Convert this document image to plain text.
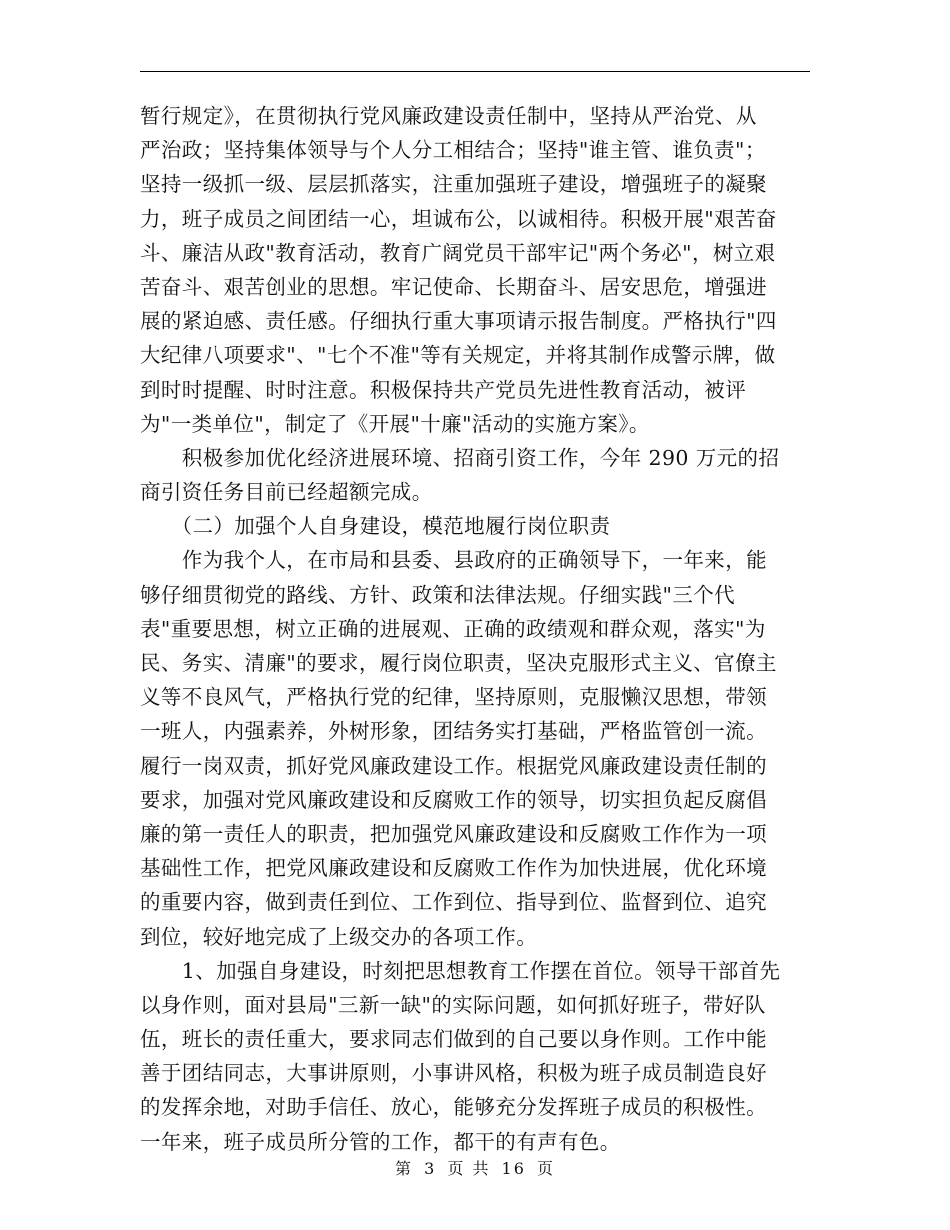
暂行规定》，在贯彻执行党风廉政建设责任制中，坚持从严治党、从
严治政；坚持集体领导与个人分工相结合；坚持"谁主管、谁负责"；
坚持一级抓一级、层层抓落实，注重加强班子建设，增强班子的凝聚
力，班子成员之间团结一心，坦诚布公，以诚相待。积极开展"艰苦奋
斗、廉洁从政"教育活动，教育广阔党员干部牢记"两个务必"，树立艰
苦奋斗、艰苦创业的思想。牢记使命、长期奋斗、居安思危，增强进
展的紧迫感、责任感。仔细执行重大事项请示报告制度。严格执行"四
大纪律八项要求"、"七个不准"等有关规定，并将其制作成警示牌，做
到时时提醒、时时注意。积极保持共产党员先进性教育活动，被评
为"一类单位"，制定了《开展"十廉"活动的实施方案》。
　　积极参加优化经济进展环境、招商引资工作，今年 290 万元的招
商引资任务目前已经超额完成。
　　（二）加强个人自身建设，模范地履行岗位职责
　　作为我个人，在市局和县委、县政府的正确领导下，一年来，能
够仔细贯彻党的路线、方针、政策和法律法规。仔细实践"三个代
表"重要思想，树立正确的进展观、正确的政绩观和群众观，落实"为
民、务实、清廉"的要求，履行岗位职责，坚决克服形式主义、官僚主
义等不良风气，严格执行党的纪律，坚持原则，克服懒汉思想，带领
一班人，内强素养，外树形象，团结务实打基础，严格监管创一流。
履行一岗双责，抓好党风廉政建设工作。根据党风廉政建设责任制的
要求，加强对党风廉政建设和反腐败工作的领导，切实担负起反腐倡
廉的第一责任人的职责，把加强党风廉政建设和反腐败工作作为一项
基础性工作，把党风廉政建设和反腐败工作作为加快进展，优化环境
的重要内容，做到责任到位、工作到位、指导到位、监督到位、追究
到位，较好地完成了上级交办的各项工作。
　　1、加强自身建设，时刻把思想教育工作摆在首位。领导干部首先
以身作则，面对县局"三新一缺"的实际问题，如何抓好班子，带好队
伍，班长的责任重大，要求同志们做到的自己要以身作则。工作中能
善于团结同志，大事讲原则，小事讲风格，积极为班子成员制造良好
的发挥余地，对助手信任、放心，能够充分发挥班子成员的积极性。
一年来，班子成员所分管的工作，都干的有声有色。
第 3 页 共 16 页
